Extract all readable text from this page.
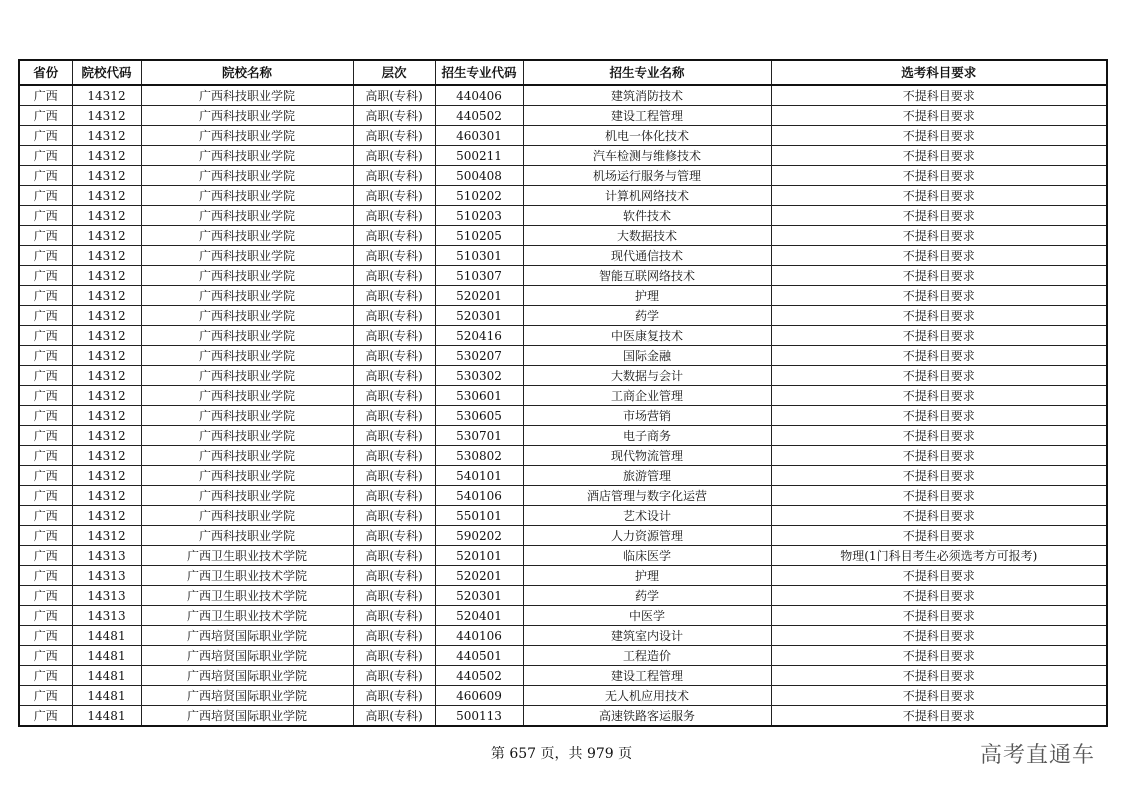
省份	院校代码	院校名称	层次	招生专业代码	招生专业名称	选考科目要求
广西	14312	广西科技职业学院	高职(专科)	440406	建筑消防技术	不提科目要求
广西	14312	广西科技职业学院	高职(专科)	440502	建设工程管理	不提科目要求
广西	14312	广西科技职业学院	高职(专科)	460301	机电一体化技术	不提科目要求
广西	14312	广西科技职业学院	高职(专科)	500211	汽车检测与维修技术	不提科目要求
广西	14312	广西科技职业学院	高职(专科)	500408	机场运行服务与管理	不提科目要求
广西	14312	广西科技职业学院	高职(专科)	510202	计算机网络技术	不提科目要求
广西	14312	广西科技职业学院	高职(专科)	510203	软件技术	不提科目要求
广西	14312	广西科技职业学院	高职(专科)	510205	大数据技术	不提科目要求
广西	14312	广西科技职业学院	高职(专科)	510301	现代通信技术	不提科目要求
广西	14312	广西科技职业学院	高职(专科)	510307	智能互联网络技术	不提科目要求
广西	14312	广西科技职业学院	高职(专科)	520201	护理	不提科目要求
广西	14312	广西科技职业学院	高职(专科)	520301	药学	不提科目要求
广西	14312	广西科技职业学院	高职(专科)	520416	中医康复技术	不提科目要求
广西	14312	广西科技职业学院	高职(专科)	530207	国际金融	不提科目要求
广西	14312	广西科技职业学院	高职(专科)	530302	大数据与会计	不提科目要求
广西	14312	广西科技职业学院	高职(专科)	530601	工商企业管理	不提科目要求
广西	14312	广西科技职业学院	高职(专科)	530605	市场营销	不提科目要求
广西	14312	广西科技职业学院	高职(专科)	530701	电子商务	不提科目要求
广西	14312	广西科技职业学院	高职(专科)	530802	现代物流管理	不提科目要求
广西	14312	广西科技职业学院	高职(专科)	540101	旅游管理	不提科目要求
广西	14312	广西科技职业学院	高职(专科)	540106	酒店管理与数字化运营	不提科目要求
广西	14312	广西科技职业学院	高职(专科)	550101	艺术设计	不提科目要求
广西	14312	广西科技职业学院	高职(专科)	590202	人力资源管理	不提科目要求
广西	14313	广西卫生职业技术学院	高职(专科)	520101	临床医学	物理(1门科目考生必须选考方可报考)
广西	14313	广西卫生职业技术学院	高职(专科)	520201	护理	不提科目要求
广西	14313	广西卫生职业技术学院	高职(专科)	520301	药学	不提科目要求
广西	14313	广西卫生职业技术学院	高职(专科)	520401	中医学	不提科目要求
广西	14481	广西培贤国际职业学院	高职(专科)	440106	建筑室内设计	不提科目要求
广西	14481	广西培贤国际职业学院	高职(专科)	440501	工程造价	不提科目要求
广西	14481	广西培贤国际职业学院	高职(专科)	440502	建设工程管理	不提科目要求
广西	14481	广西培贤国际职业学院	高职(专科)	460609	无人机应用技术	不提科目要求
广西	14481	广西培贤国际职业学院	高职(专科)	500113	高速铁路客运服务	不提科目要求
第 657 页，共 979 页	高考直通车
